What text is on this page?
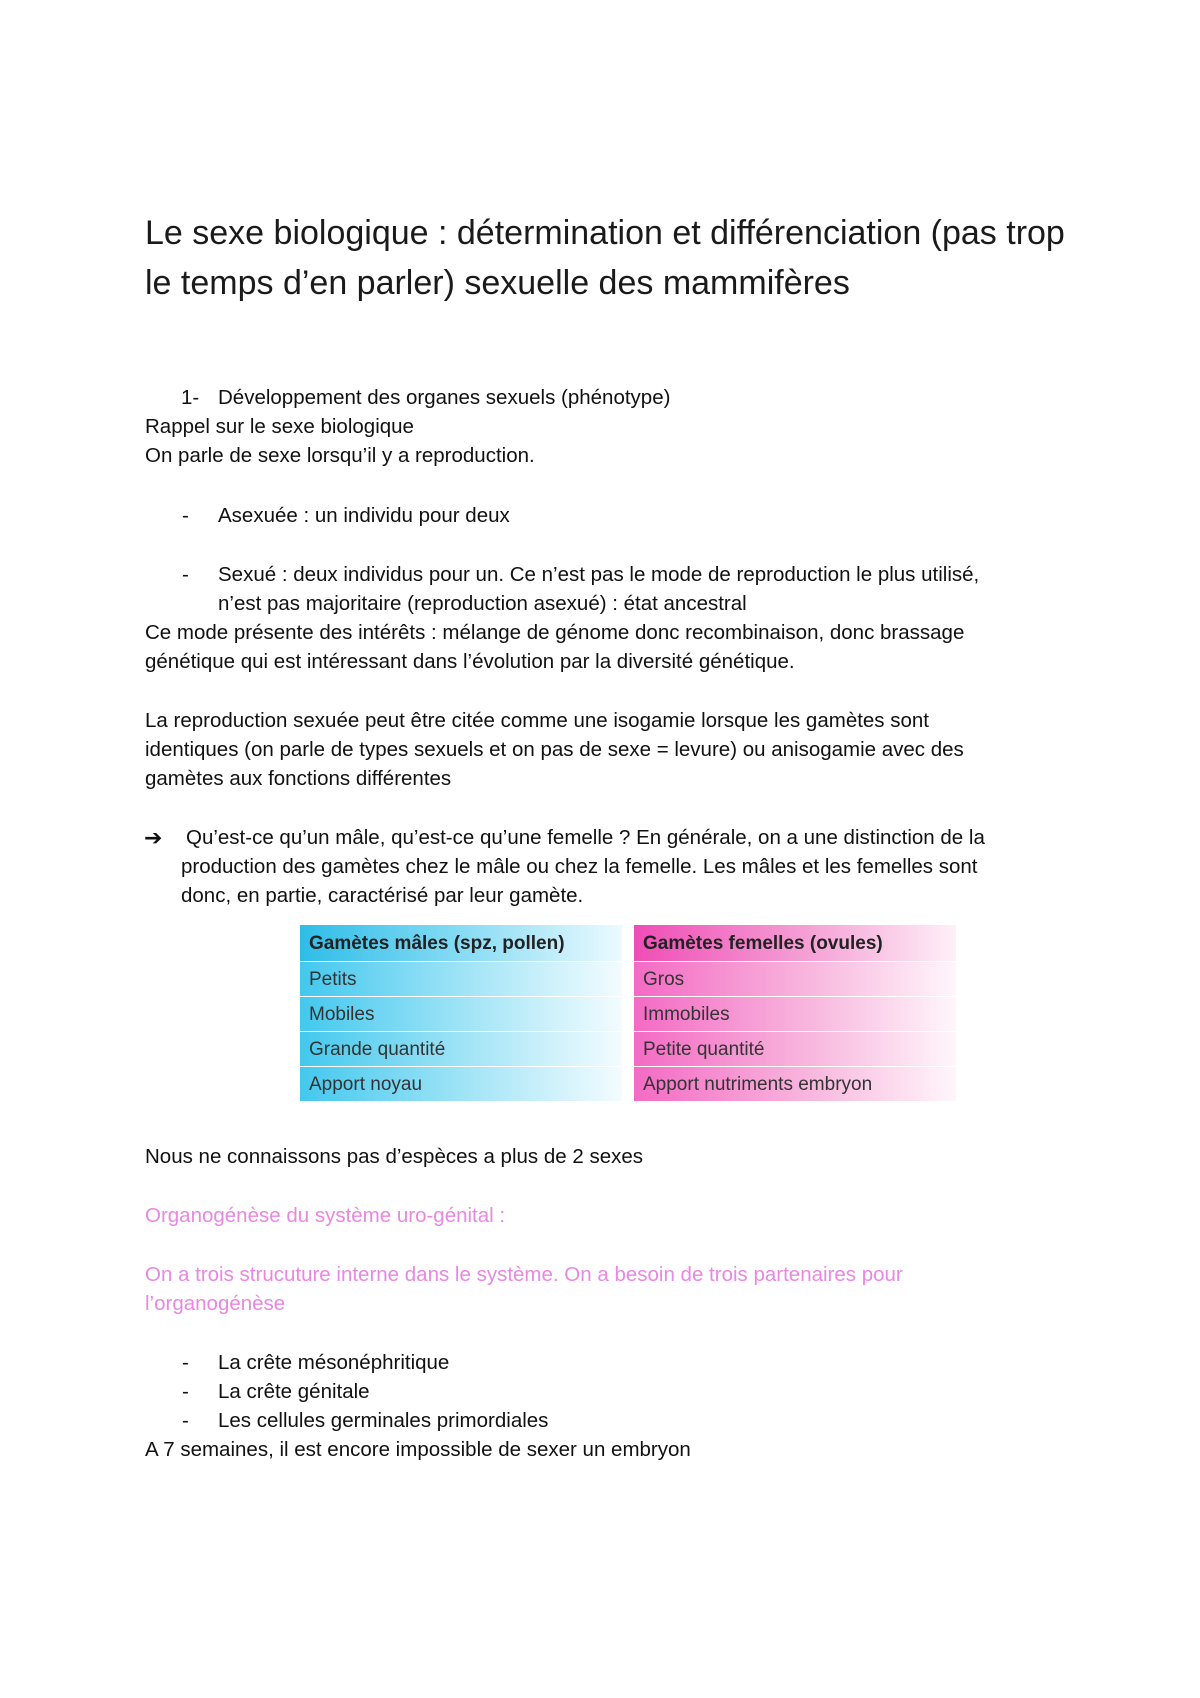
Le sexe biologique : détermination et différenciation (pas trop le temps d’en parler) sexuelle des mammifères
1- Développement des organes sexuels (phénotype)

Rappel sur le sexe biologique

On parle de sexe lorsqu’il y a reproduction.

- Asexuée : un individu pour deux

- Sexué : deux individus pour un. Ce n’est pas le mode de reproduction le plus utilisé,

n’est pas majoritaire (reproduction asexué) : état ancestral

Ce mode présente des intérêts : mélange de génome donc recombinaison, donc brassage

génétique qui est intéressant dans l’évolution par la diversité génétique.

La reproduction sexuée peut être citée comme une isogamie lorsque les gamètes sont

identiques (on parle de types sexuels et on pas de sexe = levure) ou anisogamie avec des

gamètes aux fonctions différentes

➔ Qu’est-ce qu’un mâle, qu’est-ce qu’une femelle ? En générale, on a une distinction de la

production des gamètes chez le mâle ou chez la femelle. Les mâles et les femelles sont

donc, en partie, caractérisé par leur gamète.

Gamètes mâles (spz, pollen)
Petits
Mobiles
Grande quantité
Apport noyau
Gamètes femelles (ovules)
Gros
Immobiles
Petite quantité
Apport nutriments embryon

Nous ne connaissons pas d’espèces a plus de 2 sexes

Organogénèse du système uro-génital :

On a trois strucuture interne dans le système. On a besoin de trois partenaires pour

l’organogénèse

- La crête mésonéphritique

- La crête génitale

- Les cellules germinales primordiales

A 7 semaines, il est encore impossible de sexer un embryon
